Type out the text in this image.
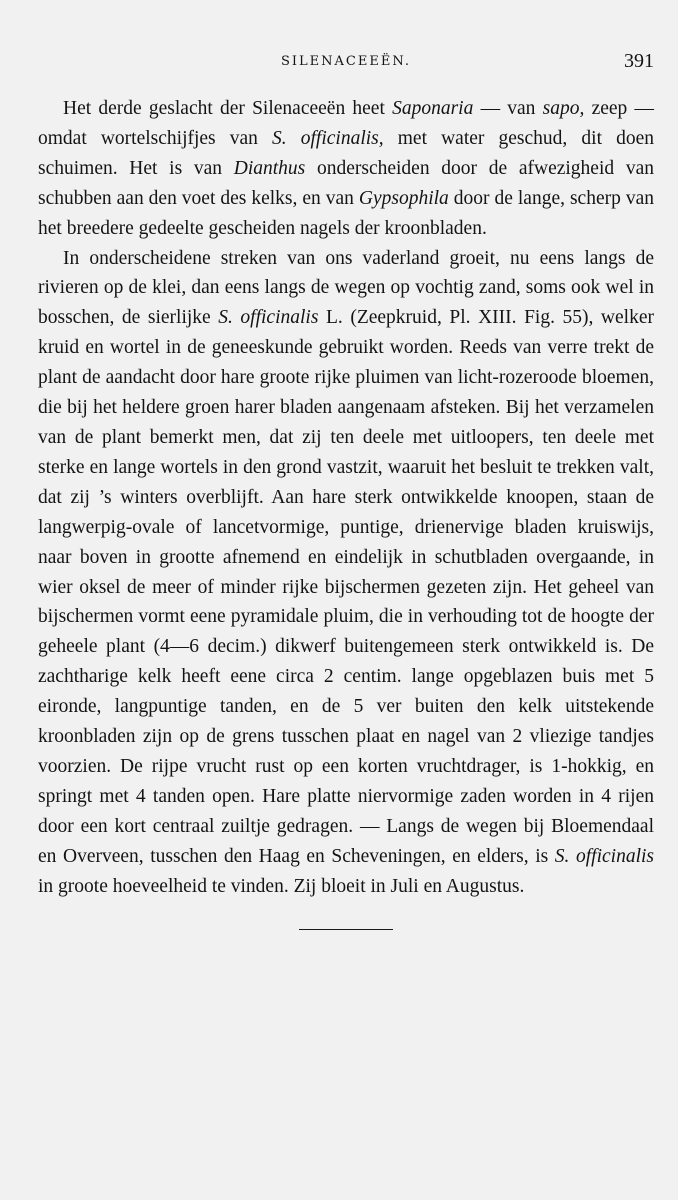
SILENACEEËN.	391

Het derde geslacht der Silenaceeën heet Saponaria — van sapo, zeep — omdat wortelschijfjes van S. officinalis, met water geschud, dit doen schuimen. Het is van Dianthus onderscheiden door de afwezigheid van schubben aan den voet des kelks, en van Gypsophila door de lange, scherp van het breedere gedeelte gescheiden nagels der kroonbladen.

In onderscheidene streken van ons vaderland groeit, nu eens langs de rivieren op de klei, dan eens langs de wegen op vochtig zand, soms ook wel in bosschen, de sierlijke S. officinalis L. (Zeepkruid, Pl. XIII. Fig. 55), welker kruid en wortel in de geneeskunde gebruikt worden. Reeds van verre trekt de plant de aandacht door hare groote rijke pluimen van licht-rozeroode bloemen, die bij het heldere groen harer bladen aangenaam afsteken. Bij het verzamelen van de plant bemerkt men, dat zij ten deele met uitloopers, ten deele met sterke en lange wortels in den grond vastzit, waaruit het besluit te trekken valt, dat zij ’s winters overblijft. Aan hare sterk ontwikkelde knoopen, staan de langwerpig-ovale of lancetvormige, puntige, drienervige bladen kruiswijs, naar boven in grootte afnemend en eindelijk in schutbladen overgaande, in wier oksel de meer of minder rijke bijschermen gezeten zijn. Het geheel van bijschermen vormt eene pyramidale pluim, die in verhouding tot de hoogte der geheele plant (4—6 decim.) dikwerf buitengemeen sterk ontwikkeld is. De zachtharige kelk heeft eene circa 2 centim. lange opgeblazen buis met 5 eironde, langpuntige tanden, en de 5 ver buiten den kelk uitstekende kroonbladen zijn op de grens tusschen plaat en nagel van 2 vliezige tandjes voorzien. De rijpe vrucht rust op een korten vruchtdrager, is 1-hokkig, en springt met 4 tanden open. Hare platte niervormige zaden worden in 4 rijen door een kort centraal zuiltje gedragen. — Langs de wegen bij Bloemendaal en Overveen, tusschen den Haag en Scheveningen, en elders, is S. officinalis in groote hoeveelheid te vinden. Zij bloeit in Juli en Augustus.
